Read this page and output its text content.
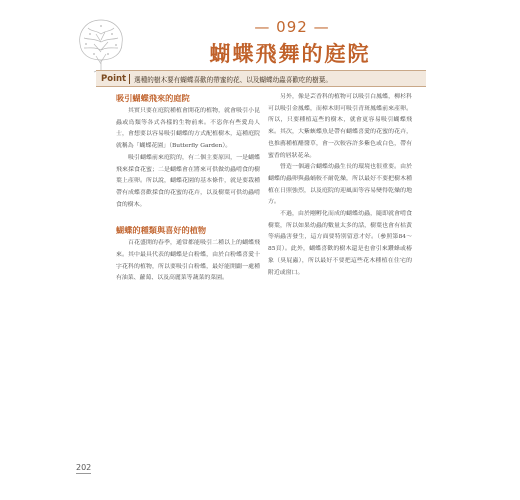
— 092 —
蝴蝶飛舞的庭院
Point	選種的樹木要有蝴蝶喜歡的帶蜜的花、以及蝴蝶幼蟲喜歡吃的樹葉。
吸引蝴蝶飛來的庭院

　　其實只要在庭院種植會開花的植物，就會吸引小昆蟲或鳥類等各式各樣的生物前來。不恣你有些愛鳥人士，會想要以容易吸引蝴蝶的方式配植樹木，這種庭院就稱為「蝴蝶花園」（Butterfly Garden）。

　　吸引蝴蝶前來庭院的，有二個主要原因，一是蝴蝶飛來採食花蜜；二是蝴蝶會在將來可供做幼蟲啃食的樹葉上產卵。所以說，蝴蝶花園的基本條件，就是要栽種帶有成蝶喜歡採食的花蜜的花卉，以及樹葉可供幼蟲啃食的樹木。

蝴蝶的種類與喜好的植物

　　百花盛開的春季，通常都能吸引二種以上的蝴蝶飛來。其中最具代表的蝴蝶是白粉蝶，由於白粉蝶喜愛十字花科的植物，所以要吸引白粉蝶，最好能開闢一處種有油菜、蘿蔔、以及高麗菜等蔬菜的菜園。

　　另外，像是芸香科的植物可以吸引白鳳蝶，柳杉科可以吸引金鳳蝶，而樟木則可吸引青斑鳳蝶前來產卵。所以，只要種植這些的樹木，就會更容易吸引蝴蝶飛來。其次，大紫蛺蝶魚是帶有蝴蝶喜愛的花蜜的花卉，也推薦種植醋醬草，會一次較容許多紫色或白色，帶有蜜香的唇狀花朵。

　　營造一個適合蝴蝶幼蟲生長的環境也很重要。由於蝴蝶的蟲卵與蟲蛹較不耐乾燥，所以最好不要把樹木種植在日照強烈，以及庭院的迎風面等容易變得乾燥的地方。

　　不過，由於剛孵化而成的蝴蝶幼蟲，隨即就會啃食樹葉，所以如果幼蟲的數量太多的話，樹葉也會有枯黃等病蟲害發生，這方面要特別留意才好。（參照第84～85頁）。此外，蝴蝶喜歡的樹木還是也會引來鑽蜂或椿象（臭屁蟲），所以最好不要把這些花木種植在住宅的附近或窗口。

202
